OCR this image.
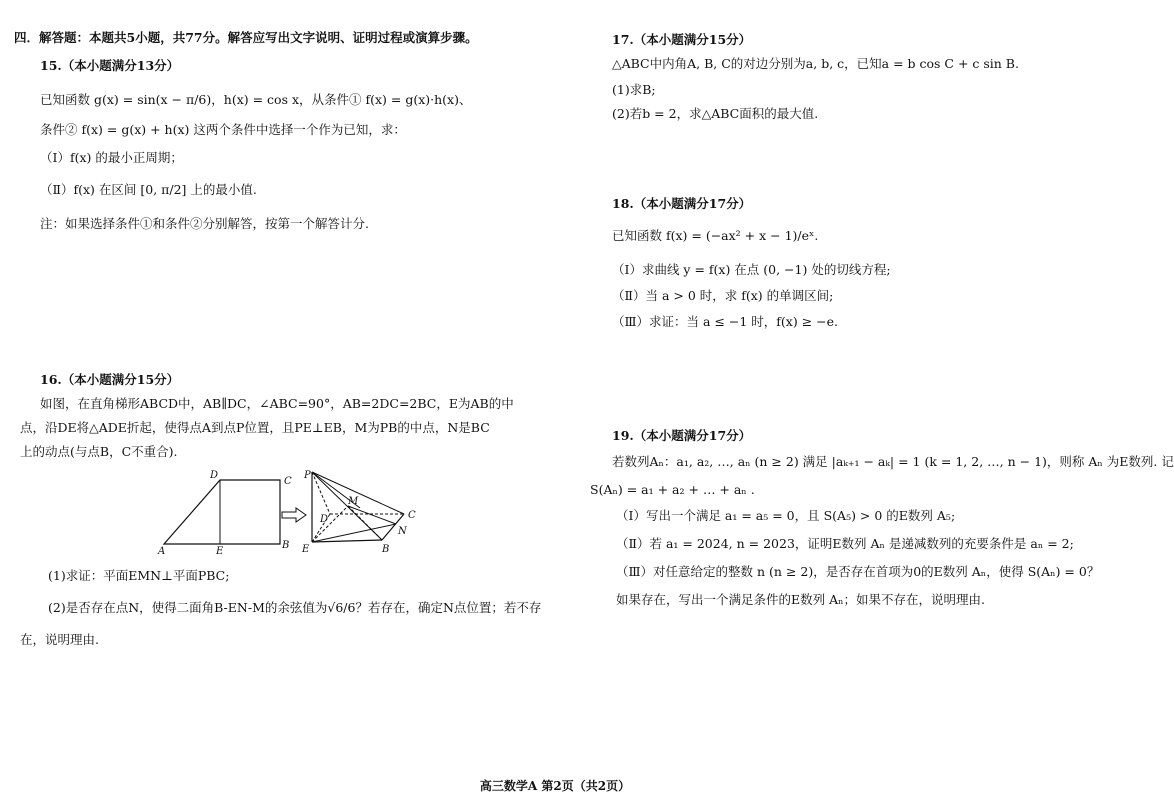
四．解答题：本题共5小题，共77分。解答应写出文字说明、证明过程或演算步骤。
15.（本小题满分13分）
已知函数 g(x) = sin(x − π/6)，h(x) = cos x，从条件① f(x) = g(x)·h(x)、
条件② f(x) = g(x) + h(x) 这两个条件中选择一个作为已知，求：
（Ⅰ）f(x) 的最小正周期；
（Ⅱ）f(x) 在区间 [0, π/2] 上的最小值.
注：如果选择条件①和条件②分别解答，按第一个解答计分.
16.（本小题满分15分）
如图，在直角梯形ABCD中，AB∥DC，∠ABC=90°，AB=2DC=2BC，E为AB的中
点，沿DE将△ADE折起，使得点A到点P位置，且PE⊥EB，M为PB的中点，N是BC
上的动点(与点B，C不重合).
D
C
A	E
B
P
M
D	C
N
E	B
(1)求证：平面EMN⊥平面PBC;
(2)是否存在点N，使得二面角B-EN-M的余弦值为√6/6？若存在，确定N点位置；若不存
在，说明理由.
17.（本小题满分15分）
△ABC中内角A, B, C的对边分别为a, b, c，已知a = b cos C + c sin B.
(1)求B;
(2)若b = 2，求△ABC面积的最大值.
18.（本小题满分17分）
已知函数 f(x) = (−ax² + x − 1)/eˣ.
（Ⅰ）求曲线 y = f(x) 在点 (0, −1) 处的切线方程;
（Ⅱ）当 a > 0 时，求 f(x) 的单调区间;
（Ⅲ）求证：当 a ≤ −1 时，f(x) ≥ −e.
19.（本小题满分17分）
若数列Aₙ：a₁, a₂, …, aₙ (n ≥ 2) 满足 |aₖ₊₁ − aₖ| = 1 (k = 1, 2, …, n − 1)，则称 Aₙ 为E数列. 记
S(Aₙ) = a₁ + a₂ + … + aₙ .
（Ⅰ）写出一个满足 a₁ = a₅ = 0，且 S(A₅) > 0 的E数列 A₅;
（Ⅱ）若 a₁ = 2024, n = 2023，证明E数列 Aₙ 是递减数列的充要条件是 aₙ = 2;
（Ⅲ）对任意给定的整数 n (n ≥ 2)，是否存在首项为0的E数列 Aₙ，使得 S(Aₙ) = 0？
如果存在，写出一个满足条件的E数列 Aₙ；如果不存在，说明理由.
高三数学A 第2页（共2页）
